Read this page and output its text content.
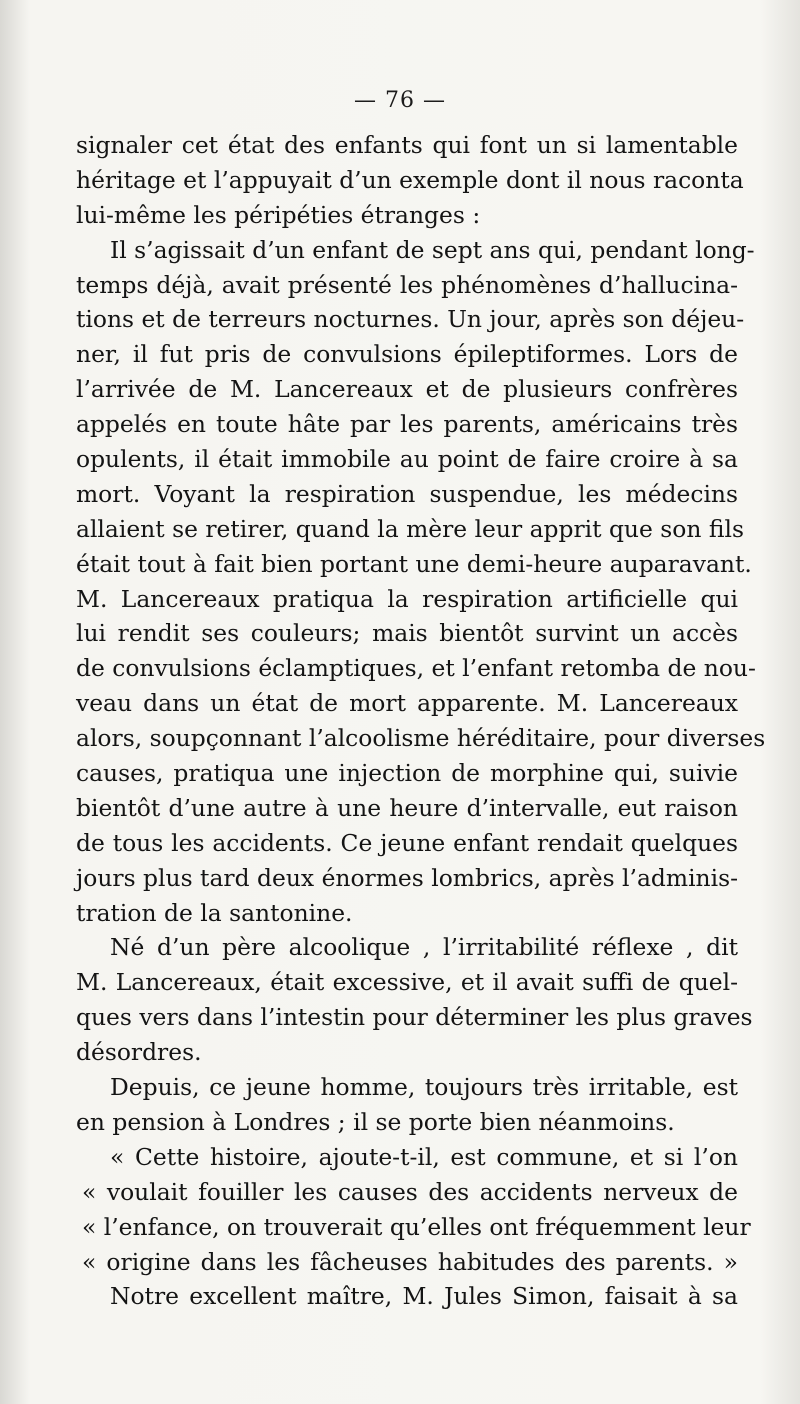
— 76 —
signaler cet état des enfants qui font un si lamentable
héritage et l’appuyait d’un exemple dont il nous raconta
lui-même les péripéties étranges :
Il s’agissait d’un enfant de sept ans qui, pendant long-
temps déjà, avait présenté les phénomènes d’hallucina-
tions et de terreurs nocturnes. Un jour, après son déjeu-
ner, il fut pris de convulsions épileptiformes. Lors de
l’arrivée de M. Lancereaux et de plusieurs confrères
appelés en toute hâte par les parents, américains très
opulents, il était immobile au point de faire croire à sa
mort. Voyant la respiration suspendue, les médecins
allaient se retirer, quand la mère leur apprit que son fils
était tout à fait bien portant une demi-heure auparavant.
M. Lancereaux pratiqua la respiration artificielle qui
lui rendit ses couleurs; mais bientôt survint un accès
de convulsions éclamptiques, et l’enfant retomba de nou-
veau dans un état de mort apparente. M. Lancereaux
alors, soupçonnant l’alcoolisme héréditaire, pour diverses
causes, pratiqua une injection de morphine qui, suivie
bientôt d’une autre à une heure d’intervalle, eut raison
de tous les accidents. Ce jeune enfant rendait quelques
jours plus tard deux énormes lombrics, après l’adminis-
tration de la santonine.
Né d’un père alcoolique , l’irritabilité réflexe , dit
M. Lancereaux, était excessive, et il avait suffi de quel-
ques vers dans l’intestin pour déterminer les plus graves
désordres.
Depuis, ce jeune homme, toujours très irritable, est
en pension à Londres ; il se porte bien néanmoins.
« Cette histoire, ajoute-t-il, est commune, et si l’on
« voulait fouiller les causes des accidents nerveux de
« l’enfance, on trouverait qu’elles ont fréquemment leur
« origine dans les fâcheuses habitudes des parents. »
Notre excellent maître, M. Jules Simon, faisait à sa
